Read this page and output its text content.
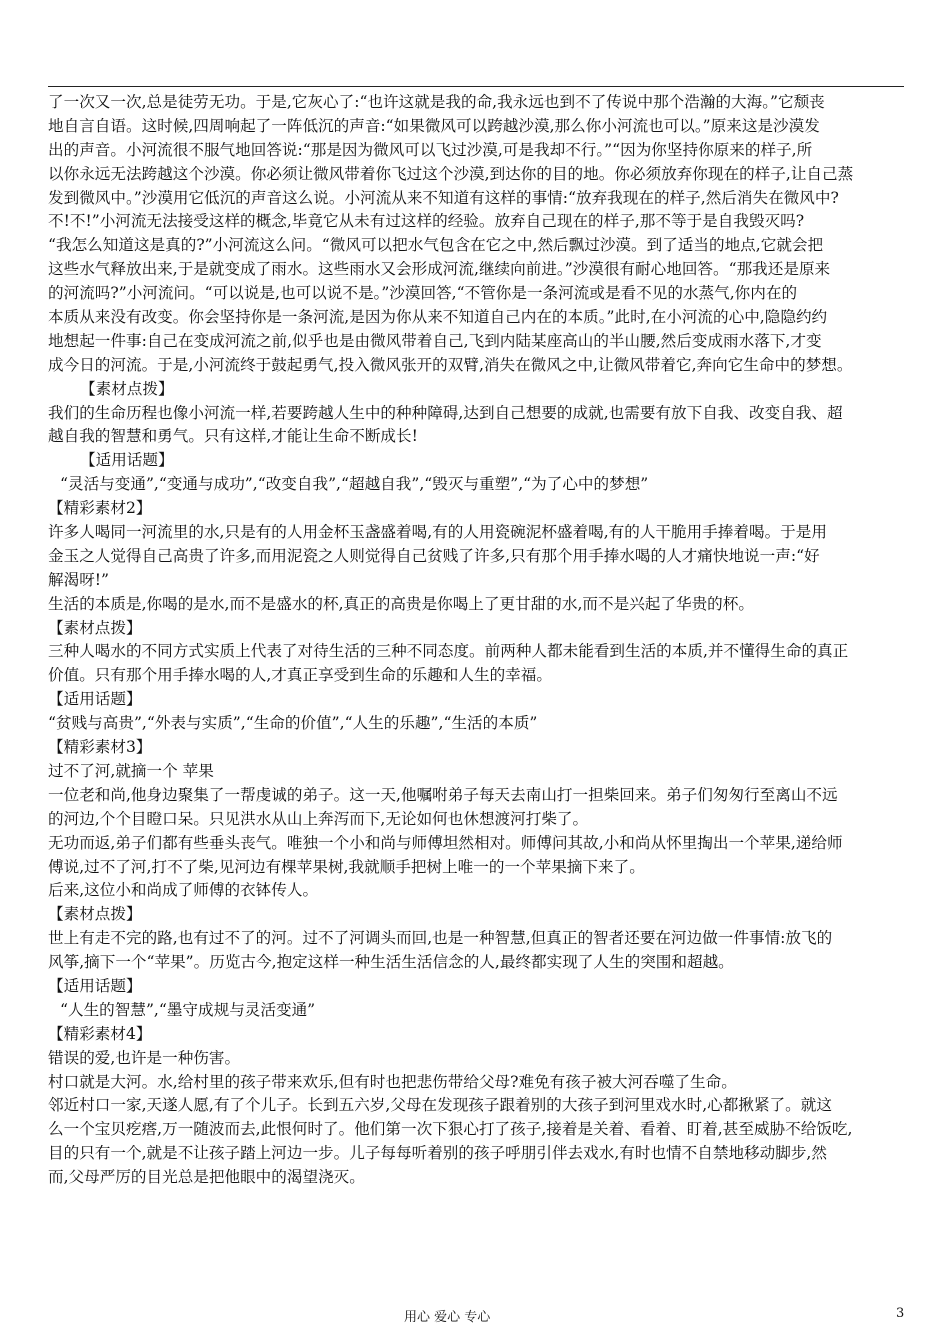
了一次又一次,总是徒劳无功。于是,它灰心了:“也许这就是我的命,我永远也到不了传说中那个浩瀚的大海。”它颓丧
地自言自语。这时候,四周响起了一阵低沉的声音:“如果微风可以跨越沙漠,那么你小河流也可以。”原来这是沙漠发
出的声音。小河流很不服气地回答说:“那是因为微风可以飞过沙漠,可是我却不行。”“因为你坚持你原来的样子,所
以你永远无法跨越这个沙漠。你必须让微风带着你飞过这个沙漠,到达你的目的地。你必须放弃你现在的样子,让自己蒸
发到微风中。”沙漠用它低沉的声音这么说。小河流从来不知道有这样的事情:“放弃我现在的样子,然后消失在微风中?
不!不!”小河流无法接受这样的概念,毕竟它从未有过这样的经验。放弃自己现在的样子,那不等于是自我毁灭吗?
“我怎么知道这是真的?”小河流这么问。“微风可以把水气包含在它之中,然后飘过沙漠。到了适当的地点,它就会把
这些水气释放出来,于是就变成了雨水。这些雨水又会形成河流,继续向前进。”沙漠很有耐心地回答。“那我还是原来
的河流吗?”小河流问。“可以说是,也可以说不是。”沙漠回答,“不管你是一条河流或是看不见的水蒸气,你内在的
本质从来没有改变。你会坚持你是一条河流,是因为你从来不知道自己内在的本质。”此时,在小河流的心中,隐隐约约
地想起一件事:自己在变成河流之前,似乎也是由微风带着自己,飞到内陆某座高山的半山腰,然后变成雨水落下,才变
成今日的河流。于是,小河流终于鼓起勇气,投入微风张开的双臂,消失在微风之中,让微风带着它,奔向它生命中的梦想。
【素材点拨】
我们的生命历程也像小河流一样,若要跨越人生中的种种障碍,达到自己想要的成就,也需要有放下自我、改变自我、超
越自我的智慧和勇气。只有这样,才能让生命不断成长!
【适用话题】
“灵活与变通”,“变通与成功”,“改变自我”,“超越自我”,“毁灭与重塑”,“为了心中的梦想”
【精彩素材2】
许多人喝同一河流里的水,只是有的人用金杯玉盏盛着喝,有的人用瓷碗泥杯盛着喝,有的人干脆用手捧着喝。于是用
金玉之人觉得自己高贵了许多,而用泥瓷之人则觉得自己贫贱了许多,只有那个用手捧水喝的人才痛快地说一声:“好
解渴呀!”
生活的本质是,你喝的是水,而不是盛水的杯,真正的高贵是你喝上了更甘甜的水,而不是兴起了华贵的杯。
【素材点拨】
三种人喝水的不同方式实质上代表了对待生活的三种不同态度。前两种人都未能看到生活的本质,并不懂得生命的真正
价值。只有那个用手捧水喝的人,才真正享受到生命的乐趣和人生的幸福。
【适用话题】
“贫贱与高贵”,“外表与实质”,“生命的价值”,“人生的乐趣”,“生活的本质”
【精彩素材3】
过不了河,就摘一个 苹果
一位老和尚,他身边聚集了一帮虔诚的弟子。这一天,他嘱咐弟子每天去南山打一担柴回来。弟子们匆匆行至离山不远
的河边,个个目瞪口呆。只见洪水从山上奔泻而下,无论如何也休想渡河打柴了。
无功而返,弟子们都有些垂头丧气。唯独一个小和尚与师傅坦然相对。师傅问其故,小和尚从怀里掏出一个苹果,递给师
傅说,过不了河,打不了柴,见河边有棵苹果树,我就顺手把树上唯一的一个苹果摘下来了。
后来,这位小和尚成了师傅的衣钵传人。
【素材点拨】
世上有走不完的路,也有过不了的河。过不了河调头而回,也是一种智慧,但真正的智者还要在河边做一件事情:放飞的
风筝,摘下一个“苹果”。历览古今,抱定这样一种生活生活信念的人,最终都实现了人生的突围和超越。
【适用话题】
“人生的智慧”,“墨守成规与灵活变通”
【精彩素材4】
错误的爱,也许是一种伤害。
村口就是大河。水,给村里的孩子带来欢乐,但有时也把悲伤带给父母?难免有孩子被大河吞噬了生命。
邻近村口一家,天遂人愿,有了个儿子。长到五六岁,父母在发现孩子跟着别的大孩子到河里戏水时,心都揪紧了。就这
么一个宝贝疙瘩,万一随波而去,此恨何时了。他们第一次下狠心打了孩子,接着是关着、看着、盯着,甚至威胁不给饭吃,
目的只有一个,就是不让孩子踏上河边一步。儿子每每听着别的孩子呼朋引伴去戏水,有时也情不自禁地移动脚步,然
而,父母严厉的目光总是把他眼中的渴望浇灭。
用心 爱心 专心	3
